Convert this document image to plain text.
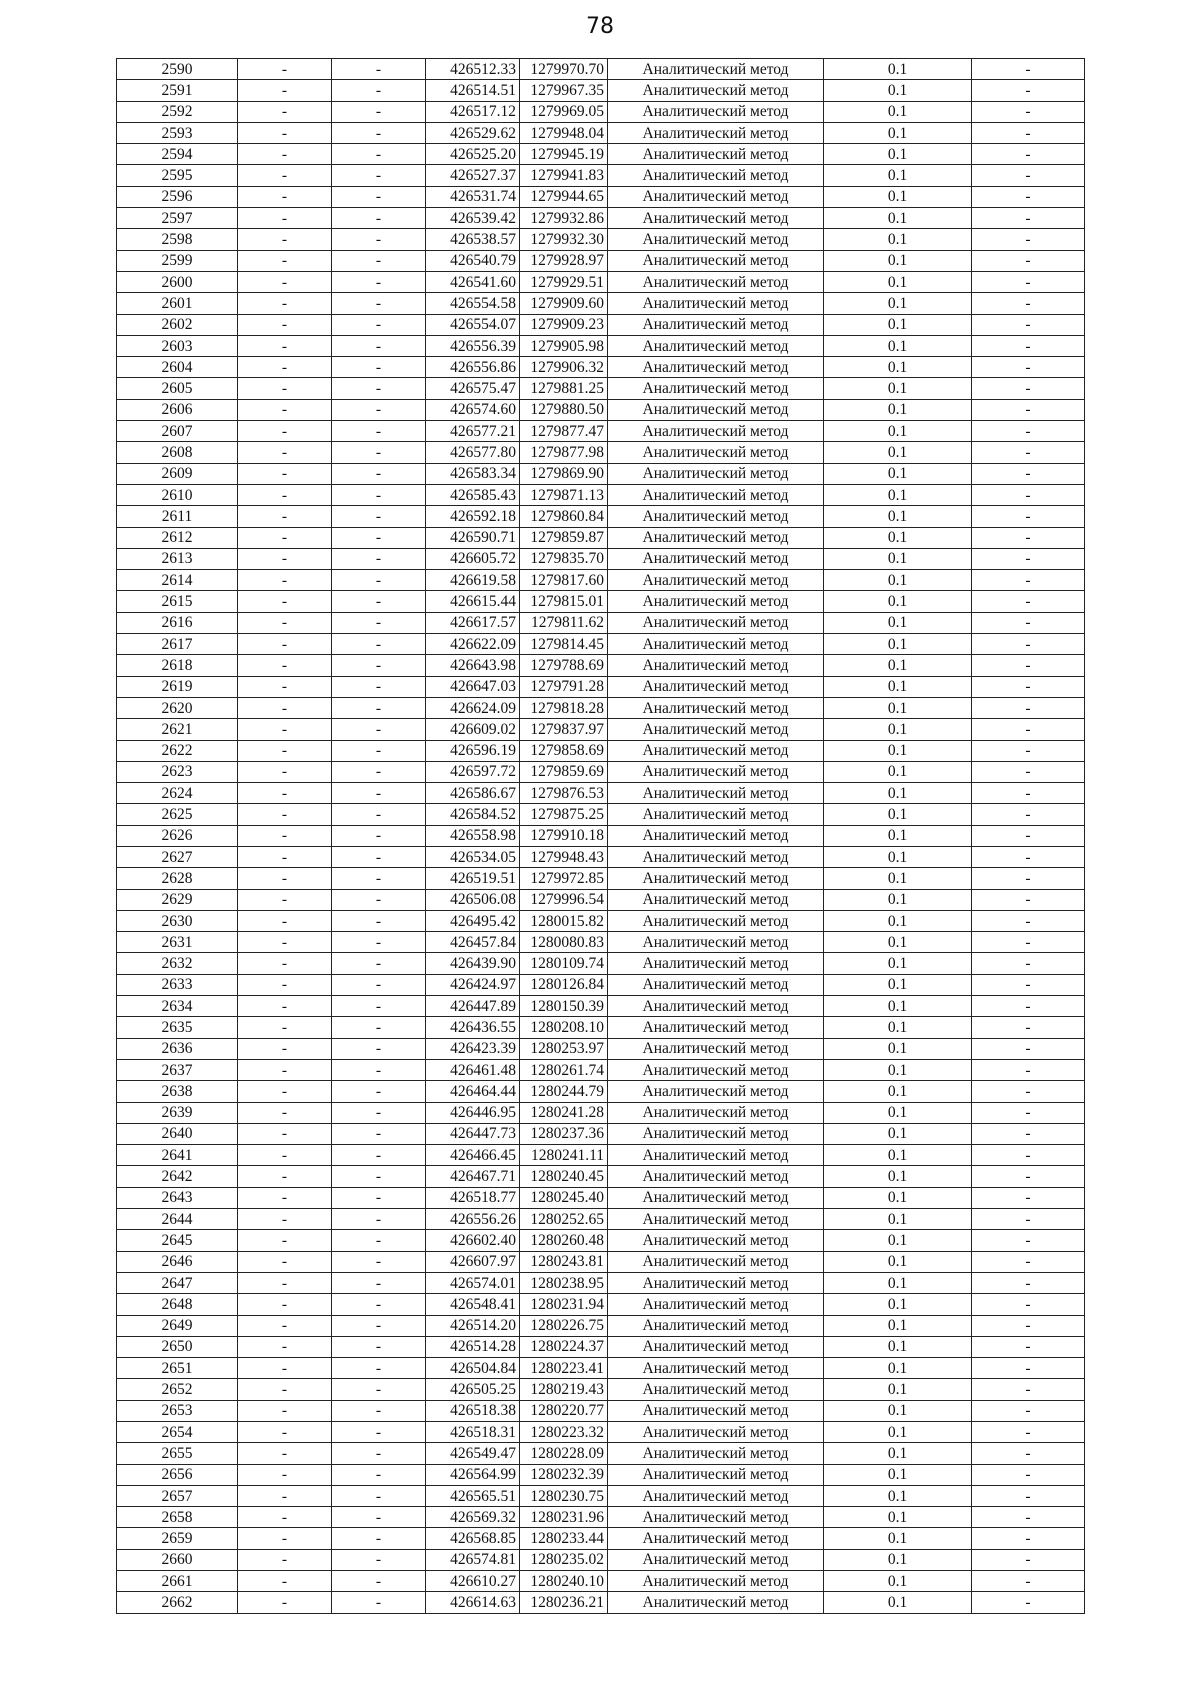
78
2590	-	-	426512.33	1279970.70	Аналитический метод	0.1	-
2591	-	-	426514.51	1279967.35	Аналитический метод	0.1	-
2592	-	-	426517.12	1279969.05	Аналитический метод	0.1	-
2593	-	-	426529.62	1279948.04	Аналитический метод	0.1	-
2594	-	-	426525.20	1279945.19	Аналитический метод	0.1	-
2595	-	-	426527.37	1279941.83	Аналитический метод	0.1	-
2596	-	-	426531.74	1279944.65	Аналитический метод	0.1	-
2597	-	-	426539.42	1279932.86	Аналитический метод	0.1	-
2598	-	-	426538.57	1279932.30	Аналитический метод	0.1	-
2599	-	-	426540.79	1279928.97	Аналитический метод	0.1	-
2600	-	-	426541.60	1279929.51	Аналитический метод	0.1	-
2601	-	-	426554.58	1279909.60	Аналитический метод	0.1	-
2602	-	-	426554.07	1279909.23	Аналитический метод	0.1	-
2603	-	-	426556.39	1279905.98	Аналитический метод	0.1	-
2604	-	-	426556.86	1279906.32	Аналитический метод	0.1	-
2605	-	-	426575.47	1279881.25	Аналитический метод	0.1	-
2606	-	-	426574.60	1279880.50	Аналитический метод	0.1	-
2607	-	-	426577.21	1279877.47	Аналитический метод	0.1	-
2608	-	-	426577.80	1279877.98	Аналитический метод	0.1	-
2609	-	-	426583.34	1279869.90	Аналитический метод	0.1	-
2610	-	-	426585.43	1279871.13	Аналитический метод	0.1	-
2611	-	-	426592.18	1279860.84	Аналитический метод	0.1	-
2612	-	-	426590.71	1279859.87	Аналитический метод	0.1	-
2613	-	-	426605.72	1279835.70	Аналитический метод	0.1	-
2614	-	-	426619.58	1279817.60	Аналитический метод	0.1	-
2615	-	-	426615.44	1279815.01	Аналитический метод	0.1	-
2616	-	-	426617.57	1279811.62	Аналитический метод	0.1	-
2617	-	-	426622.09	1279814.45	Аналитический метод	0.1	-
2618	-	-	426643.98	1279788.69	Аналитический метод	0.1	-
2619	-	-	426647.03	1279791.28	Аналитический метод	0.1	-
2620	-	-	426624.09	1279818.28	Аналитический метод	0.1	-
2621	-	-	426609.02	1279837.97	Аналитический метод	0.1	-
2622	-	-	426596.19	1279858.69	Аналитический метод	0.1	-
2623	-	-	426597.72	1279859.69	Аналитический метод	0.1	-
2624	-	-	426586.67	1279876.53	Аналитический метод	0.1	-
2625	-	-	426584.52	1279875.25	Аналитический метод	0.1	-
2626	-	-	426558.98	1279910.18	Аналитический метод	0.1	-
2627	-	-	426534.05	1279948.43	Аналитический метод	0.1	-
2628	-	-	426519.51	1279972.85	Аналитический метод	0.1	-
2629	-	-	426506.08	1279996.54	Аналитический метод	0.1	-
2630	-	-	426495.42	1280015.82	Аналитический метод	0.1	-
2631	-	-	426457.84	1280080.83	Аналитический метод	0.1	-
2632	-	-	426439.90	1280109.74	Аналитический метод	0.1	-
2633	-	-	426424.97	1280126.84	Аналитический метод	0.1	-
2634	-	-	426447.89	1280150.39	Аналитический метод	0.1	-
2635	-	-	426436.55	1280208.10	Аналитический метод	0.1	-
2636	-	-	426423.39	1280253.97	Аналитический метод	0.1	-
2637	-	-	426461.48	1280261.74	Аналитический метод	0.1	-
2638	-	-	426464.44	1280244.79	Аналитический метод	0.1	-
2639	-	-	426446.95	1280241.28	Аналитический метод	0.1	-
2640	-	-	426447.73	1280237.36	Аналитический метод	0.1	-
2641	-	-	426466.45	1280241.11	Аналитический метод	0.1	-
2642	-	-	426467.71	1280240.45	Аналитический метод	0.1	-
2643	-	-	426518.77	1280245.40	Аналитический метод	0.1	-
2644	-	-	426556.26	1280252.65	Аналитический метод	0.1	-
2645	-	-	426602.40	1280260.48	Аналитический метод	0.1	-
2646	-	-	426607.97	1280243.81	Аналитический метод	0.1	-
2647	-	-	426574.01	1280238.95	Аналитический метод	0.1	-
2648	-	-	426548.41	1280231.94	Аналитический метод	0.1	-
2649	-	-	426514.20	1280226.75	Аналитический метод	0.1	-
2650	-	-	426514.28	1280224.37	Аналитический метод	0.1	-
2651	-	-	426504.84	1280223.41	Аналитический метод	0.1	-
2652	-	-	426505.25	1280219.43	Аналитический метод	0.1	-
2653	-	-	426518.38	1280220.77	Аналитический метод	0.1	-
2654	-	-	426518.31	1280223.32	Аналитический метод	0.1	-
2655	-	-	426549.47	1280228.09	Аналитический метод	0.1	-
2656	-	-	426564.99	1280232.39	Аналитический метод	0.1	-
2657	-	-	426565.51	1280230.75	Аналитический метод	0.1	-
2658	-	-	426569.32	1280231.96	Аналитический метод	0.1	-
2659	-	-	426568.85	1280233.44	Аналитический метод	0.1	-
2660	-	-	426574.81	1280235.02	Аналитический метод	0.1	-
2661	-	-	426610.27	1280240.10	Аналитический метод	0.1	-
2662	-	-	426614.63	1280236.21	Аналитический метод	0.1	-
